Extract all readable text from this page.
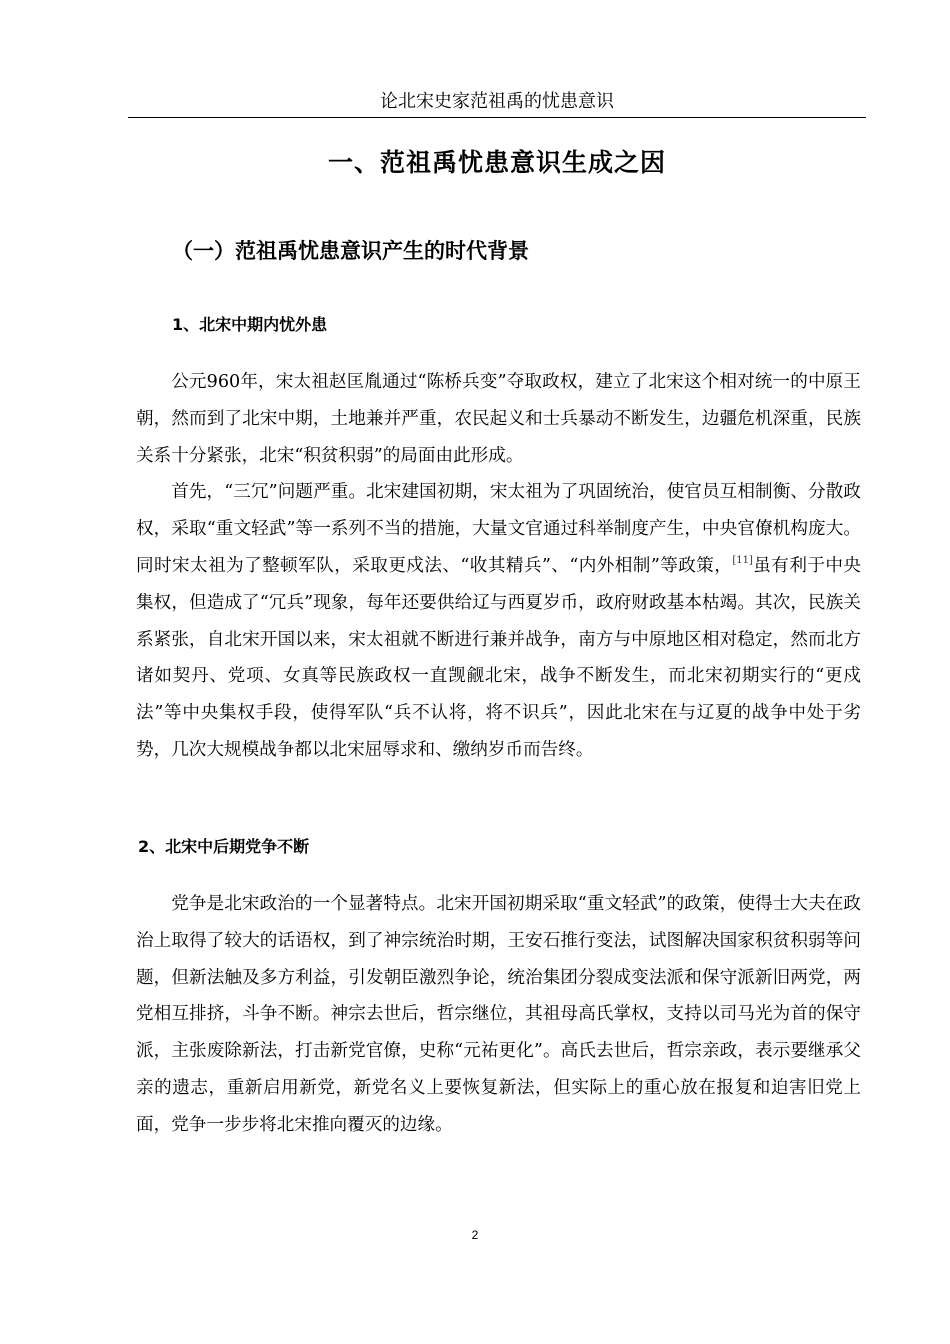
论北宋史家范祖禹的忧患意识
一、范祖禹忧患意识生成之因
（一）范祖禹忧患意识产生的时代背景
1、北宋中期内忧外患

公元960年，宋太祖赵匡胤通过“陈桥兵变”夺取政权，建立了北宋这个相对统一的中原王朝，然而到了北宋中期，土地兼并严重，农民起义和士兵暴动不断发生，边疆危机深重，民族关系十分紧张，北宋“积贫积弱”的局面由此形成。

首先，“三冗”问题严重。北宋建国初期，宋太祖为了巩固统治，使官员互相制衡、分散政权，采取“重文轻武”等一系列不当的措施，大量文官通过科举制度产生，中央官僚机构庞大。同时宋太祖为了整顿军队，采取更戍法、“收其精兵”、“内外相制”等政策，[11]虽有利于中央集权，但造成了“冗兵”现象，每年还要供给辽与西夏岁币，政府财政基本枯竭。其次，民族关系紧张，自北宋开国以来，宋太祖就不断进行兼并战争，南方与中原地区相对稳定，然而北方诸如契丹、党项、女真等民族政权一直觊觎北宋，战争不断发生，而北宋初期实行的“更戍法”等中央集权手段，使得军队“兵不认将，将不识兵”，因此北宋在与辽夏的战争中处于劣势，几次大规模战争都以北宋屈辱求和、缴纳岁币而告终。

2、北宋中后期党争不断

党争是北宋政治的一个显著特点。北宋开国初期采取“重文轻武”的政策，使得士大夫在政治上取得了较大的话语权，到了神宗统治时期，王安石推行变法，试图解决国家积贫积弱等问题，但新法触及多方利益，引发朝臣激烈争论，统治集团分裂成变法派和保守派新旧两党，两党相互排挤，斗争不断。神宗去世后，哲宗继位，其祖母高氏掌权，支持以司马光为首的保守派，主张废除新法，打击新党官僚，史称“元祐更化”。高氏去世后，哲宗亲政，表示要继承父亲的遗志，重新启用新党，新党名义上要恢复新法，但实际上的重心放在报复和迫害旧党上面，党争一步步将北宋推向覆灭的边缘。

2
